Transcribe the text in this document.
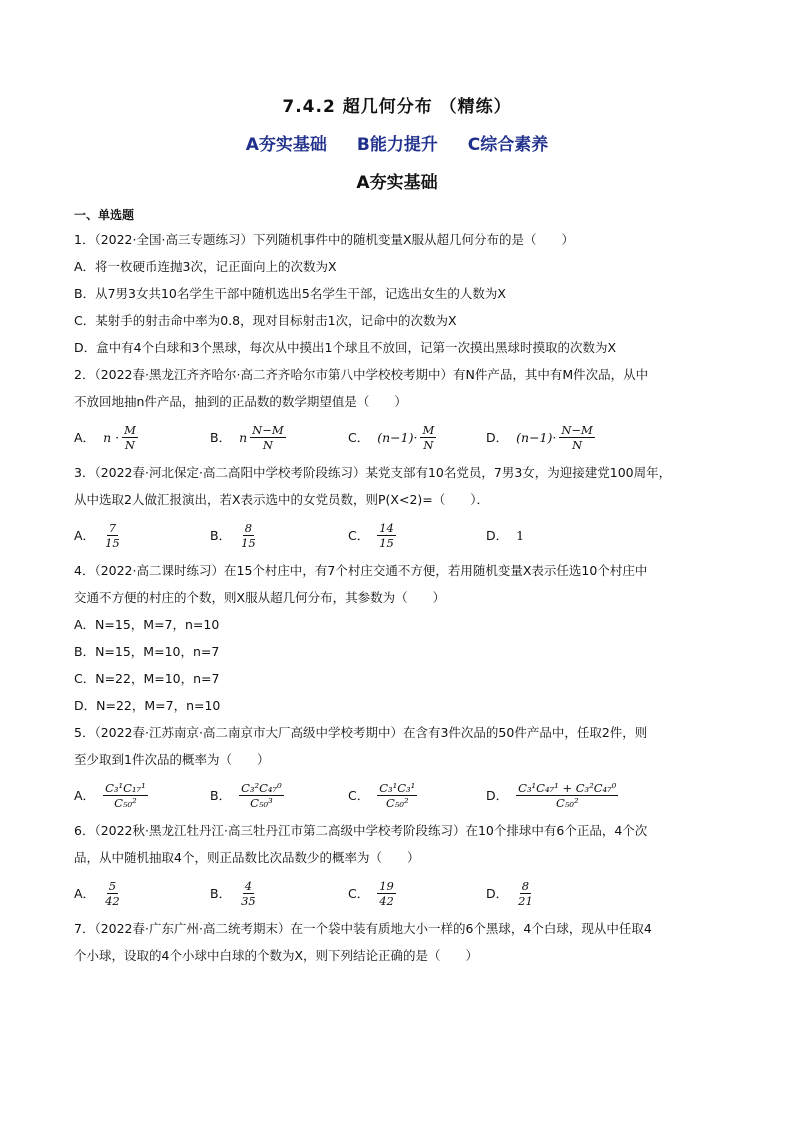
7.4.2 超几何分布 （精练）
A夯实基础 B能力提升 C综合素养
A夯实基础
一、单选题
1．（2022·全国·高三专题练习）下列随机事件中的随机变量X服从超几何分布的是（　　）
A．将一枚硬币连抛3次，记正面向上的次数为X
B．从7男3女共10名学生干部中随机选出5名学生干部，记选出女生的人数为X
C．某射手的射击命中率为0.8，现对目标射击1次，记命中的次数为X
D．盒中有4个白球和3个黑球，每次从中摸出1个球且不放回，记第一次摸出黑球时摸取的次数为X
2．（2022春·黑龙江齐齐哈尔·高二齐齐哈尔市第八中学校校考期中）有N件产品，其中有M件次品，从中
不放回地抽n件产品，抽到的正品数的数学期望值是（　　）
A． $n \cdot \frac{M}{N}$	B． n $\frac{N-M}{N}$	C． $(n-1)\cdot \frac{M}{N}$	D． $(n-1)\cdot \frac{N-M}{N}$
3．（2022春·河北保定·高二高阳中学校考阶段练习）某党支部有10名党员，7男3女，为迎接建党100周年，
从中选取2人做汇报演出，若X表示选中的女党员数，则P(X<2)=（　　）．
A． $\frac{7}{15}$	B． $\frac{8}{15}$	C． $\frac{14}{15}$	D． 1
4．（2022·高二课时练习）在15个村庄中，有7个村庄交通不方便，若用随机变量X表示任选10个村庄中
交通不方便的村庄的个数，则X服从超几何分布，其参数为（　　）
A．N=15，M=7，n=10
B．N=15，M=10，n=7
C．N=22，M=10，n=7
D．N=22，M=7，n=10
5．（2022春·江苏南京·高二南京市大厂高级中学校考期中）在含有3件次品的50件产品中，任取2件，则
至少取到1件次品的概率为（　　）
A． $\frac{\text{C₃¹C₁₇¹}}{\text{C₅₀²}}$	B． $\frac{\text{C₃²C₄₇⁰}}{\text{C₅₀³}}$	C． $\frac{\text{C₃¹C₃¹}}{\text{C₅₀²}}$	D． $\frac{\text{C₃¹C₄₇¹ + C₃²C₄₇⁰}}{\text{C₅₀²}}$
6．（2022秋·黑龙江牡丹江·高三牡丹江市第二高级中学校考阶段练习）在10个排球中有6个正品，4个次
品，从中随机抽取4个，则正品数比次品数少的概率为（　　）
A． $\frac{5}{42}$	B． $\frac{4}{35}$	C． $\frac{19}{42}$	D． $\frac{8}{21}$
7．（2022春·广东广州·高二统考期末）在一个袋中装有质地大小一样的6个黑球，4个白球，现从中任取4
个小球，设取的4个小球中白球的个数为X，则下列结论正确的是（　　）
